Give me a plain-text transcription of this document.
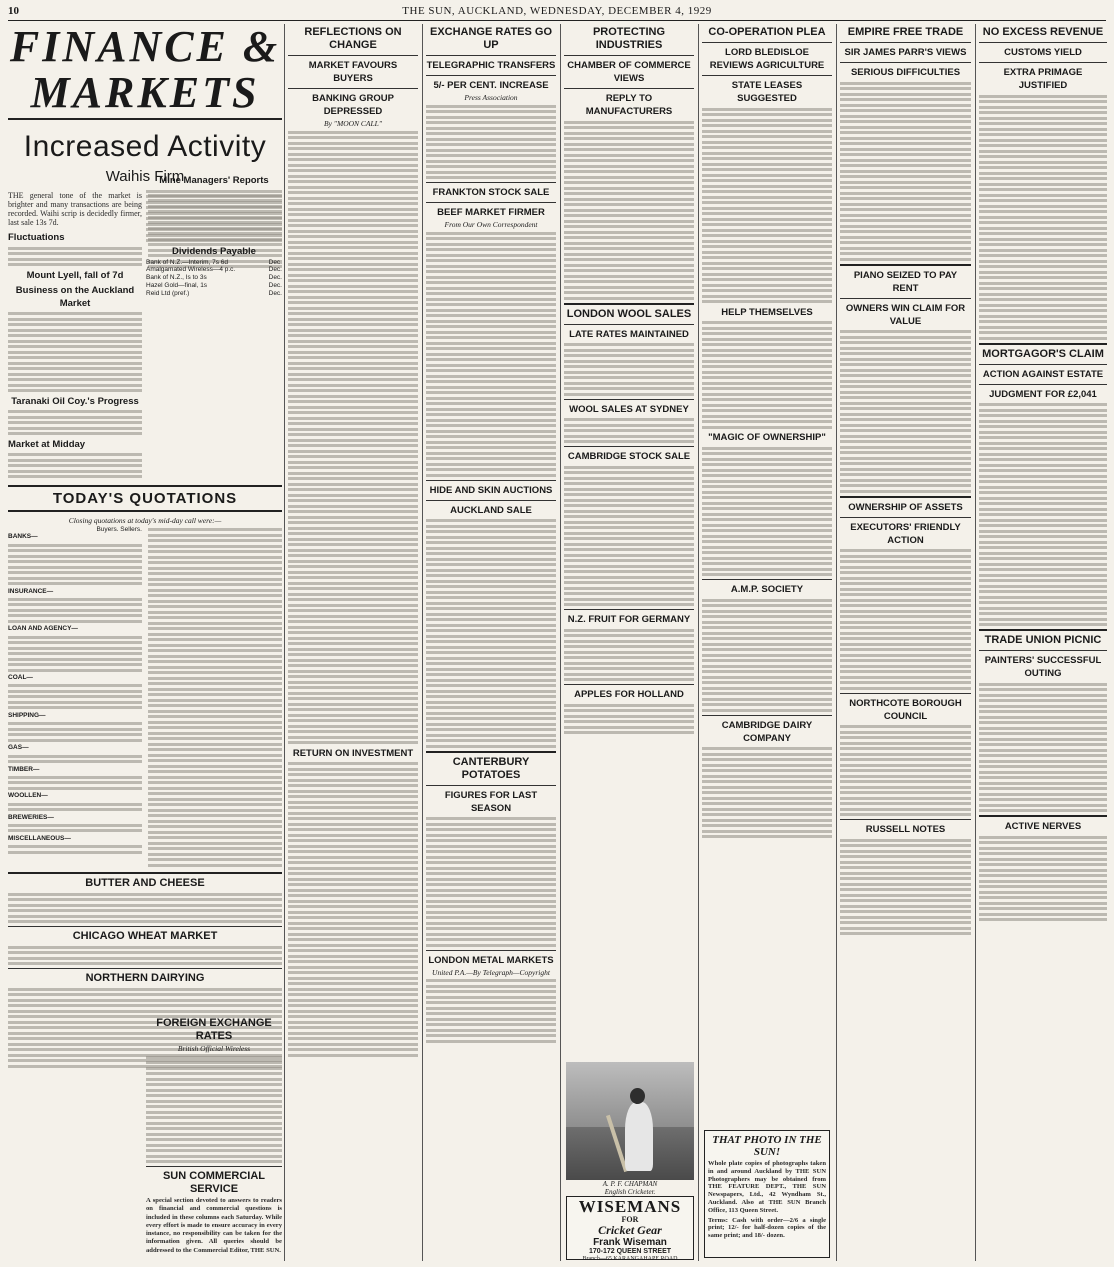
10	THE SUN, AUCKLAND, WEDNESDAY, DECEMBER 4, 1929
FINANCE & MARKETS
Increased Activity
Waihis Firm

THE general tone of the market is brighter and many transactions are being recorded. Waihi scrip is decidedly firmer, last sale 13s 7d.

Fluctuations
Mount Lyell, fall of 7d
Business on the Auckland Market
Taranaki Oil Coy.'s Progress
Market at Midday
TODAY'S QUOTATIONS
Closing quotations at today's mid-day call were:—
Buyers. Sellers.
BANKS—
INSURANCE—
LOAN AND AGENCY—
COAL—
SHIPPING—
GAS—
TIMBER—
WOOLLEN—
BREWERIES—
MISCELLANEOUS—
BUTTER AND CHEESE
CHICAGO WHEAT MARKET
NORTHERN DAIRYING
Mine Managers' Reports
Dividends Payable
Bank of N.Z.—Interim, 7s 6d	Dec.
Amalgamated Wireless—4 p.c.	Dec.
Bank of N.Z., Is to 3s	Dec.
Hazel Gold—final, 1s	Dec.
Reid Ltd (pref.)	Dec.
FOREIGN EXCHANGE RATES
British Official Wireless
SUN COMMERCIAL SERVICE

A special section devoted to answers to readers on financial and commercial questions is included in these columns each Saturday. While every effort is made to ensure accuracy in every instance, no responsibility can be taken for the information given. All queries should be addressed to the Commercial Editor, THE SUN.

REFLECTIONS ON CHANGE
MARKET FAVOURS BUYERS
BANKING GROUP DEPRESSED
By "MOON CALL"
RETURN ON INVESTMENT
EXCHANGE RATES GO UP
TELEGRAPHIC TRANSFERS
5/- PER CENT. INCREASE
Press Association
FRANKTON STOCK SALE
BEEF MARKET FIRMER
From Our Own Correspondent
HIDE AND SKIN AUCTIONS
AUCKLAND SALE
CANTERBURY POTATOES
FIGURES FOR LAST SEASON
LONDON METAL MARKETS
United P.A.—By Telegraph—Copyright
PROTECTING INDUSTRIES
CHAMBER OF COMMERCE VIEWS
REPLY TO MANUFACTURERS
LONDON WOOL SALES
LATE RATES MAINTAINED
WOOL SALES AT SYDNEY
CAMBRIDGE STOCK SALE
N.Z. FRUIT FOR GERMANY
APPLES FOR HOLLAND
A. P. F. CHAPMAN
English Cricketer.
WISEMANS
FOR
Cricket Gear
Frank Wiseman
170-172 QUEEN STREET
Branch—65 KARANGAHAPE ROAD
CO-OPERATION PLEA
LORD BLEDISLOE REVIEWS AGRICULTURE
STATE LEASES SUGGESTED
HELP THEMSELVES
"MAGIC OF OWNERSHIP"
A.M.P. SOCIETY
CAMBRIDGE DAIRY COMPANY
THAT PHOTO IN THE SUN!

Whole plate copies of photographs taken in and around Auckland by THE SUN Photographers may be obtained from THE FEATURE DEPT., THE SUN Newspapers, Ltd., 42 Wyndham St., Auckland. Also at THE SUN Branch Office, 113 Queen Street.

Terms: Cash with order—2/6 a single print; 12/- for half-dozen copies of the same print; and 18/- dozen.

EMPIRE FREE TRADE
SIR JAMES PARR'S VIEWS
SERIOUS DIFFICULTIES
PIANO SEIZED TO PAY RENT
OWNERS WIN CLAIM FOR VALUE
OWNERSHIP OF ASSETS
EXECUTORS' FRIENDLY ACTION
NORTHCOTE BOROUGH COUNCIL
RUSSELL NOTES
NO EXCESS REVENUE
CUSTOMS YIELD
EXTRA PRIMAGE JUSTIFIED
MORTGAGOR'S CLAIM
ACTION AGAINST ESTATE
JUDGMENT FOR £2,041
TRADE UNION PICNIC
PAINTERS' SUCCESSFUL OUTING
ACTIVE NERVES
